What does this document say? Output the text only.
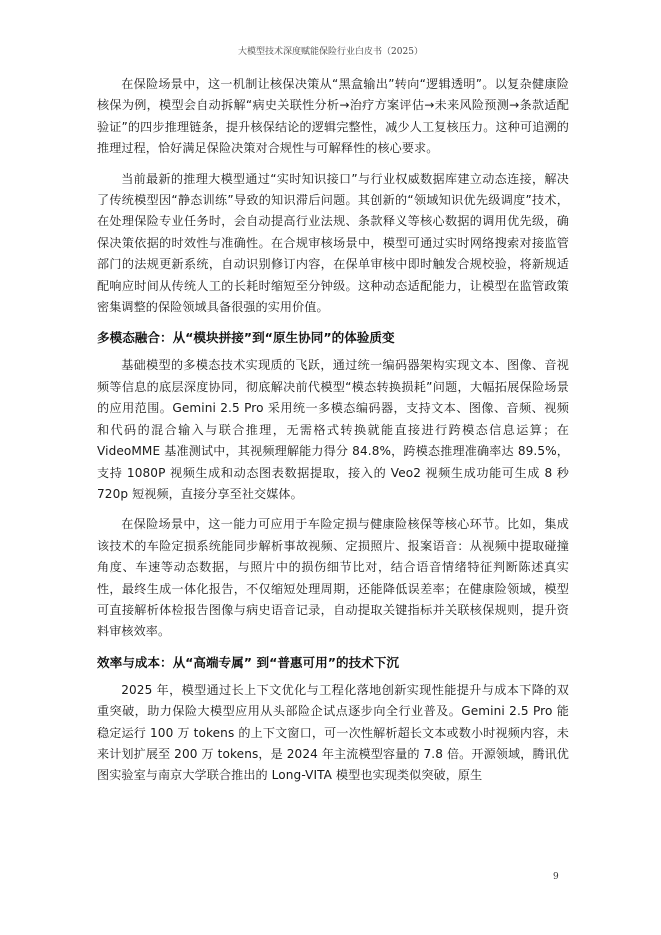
大模型技术深度赋能保险行业白皮书（2025）

在保险场景中，这一机制让核保决策从“黑盒输出”转向“逻辑透明”。以复杂健康险核保为例，模型会自动拆解“病史关联性分析→治疗方案评估→未来风险预测→条款适配验证”的四步推理链条，提升核保结论的逻辑完整性，减少人工复核压力。这种可追溯的推理过程，恰好满足保险决策对合规性与可解释性的核心要求。

当前最新的推理大模型通过“实时知识接口”与行业权威数据库建立动态连接，解决了传统模型因“静态训练”导致的知识滞后问题。其创新的“领域知识优先级调度”技术，在处理保险专业任务时，会自动提高行业法规、条款释义等核心数据的调用优先级，确保决策依据的时效性与准确性。在合规审核场景中，模型可通过实时网络搜索对接监管部门的法规更新系统，自动识别修订内容，在保单审核中即时触发合规校验，将新规适配响应时间从传统人工的长耗时缩短至分钟级。这种动态适配能力，让模型在监管政策密集调整的保险领域具备很强的实用价值。

多模态融合：从“模块拼接”到“原生协同”的体验质变

基础模型的多模态技术实现质的飞跃，通过统一编码器架构实现文本、图像、音视频等信息的底层深度协同，彻底解决前代模型“模态转换损耗”问题，大幅拓展保险场景的应用范围。Gemini 2.5 Pro 采用统一多模态编码器，支持文本、图像、音频、视频和代码的混合输入与联合推理，无需格式转换就能直接进行跨模态信息运算；在 VideoMME 基准测试中，其视频理解能力得分 84.8%，跨模态推理准确率达 89.5%，支持 1080P 视频生成和动态图表数据提取，接入的 Veo2 视频生成功能可生成 8 秒 720p 短视频，直接分享至社交媒体。

在保险场景中，这一能力可应用于车险定损与健康险核保等核心环节。比如，集成该技术的车险定损系统能同步解析事故视频、定损照片、报案语音：从视频中提取碰撞角度、车速等动态数据，与照片中的损伤细节比对，结合语音情绪特征判断陈述真实性，最终生成一体化报告，不仅缩短处理周期，还能降低误差率；在健康险领域，模型可直接解析体检报告图像与病史语音记录，自动提取关键指标并关联核保规则，提升资料审核效率。

效率与成本：从“高端专属” 到“普惠可用”的技术下沉

2025 年，模型通过长上下文优化与工程化落地创新实现性能提升与成本下降的双重突破，助力保险大模型应用从头部险企试点逐步向全行业普及。Gemini 2.5 Pro 能稳定运行 100 万 tokens 的上下文窗口，可一次性解析超长文本或数小时视频内容，未来计划扩展至 200 万 tokens，是 2024 年主流模型容量的 7.8 倍。开源领域，腾讯优图实验室与南京大学联合推出的 Long-VITA 模型也实现类似突破，原生

9
